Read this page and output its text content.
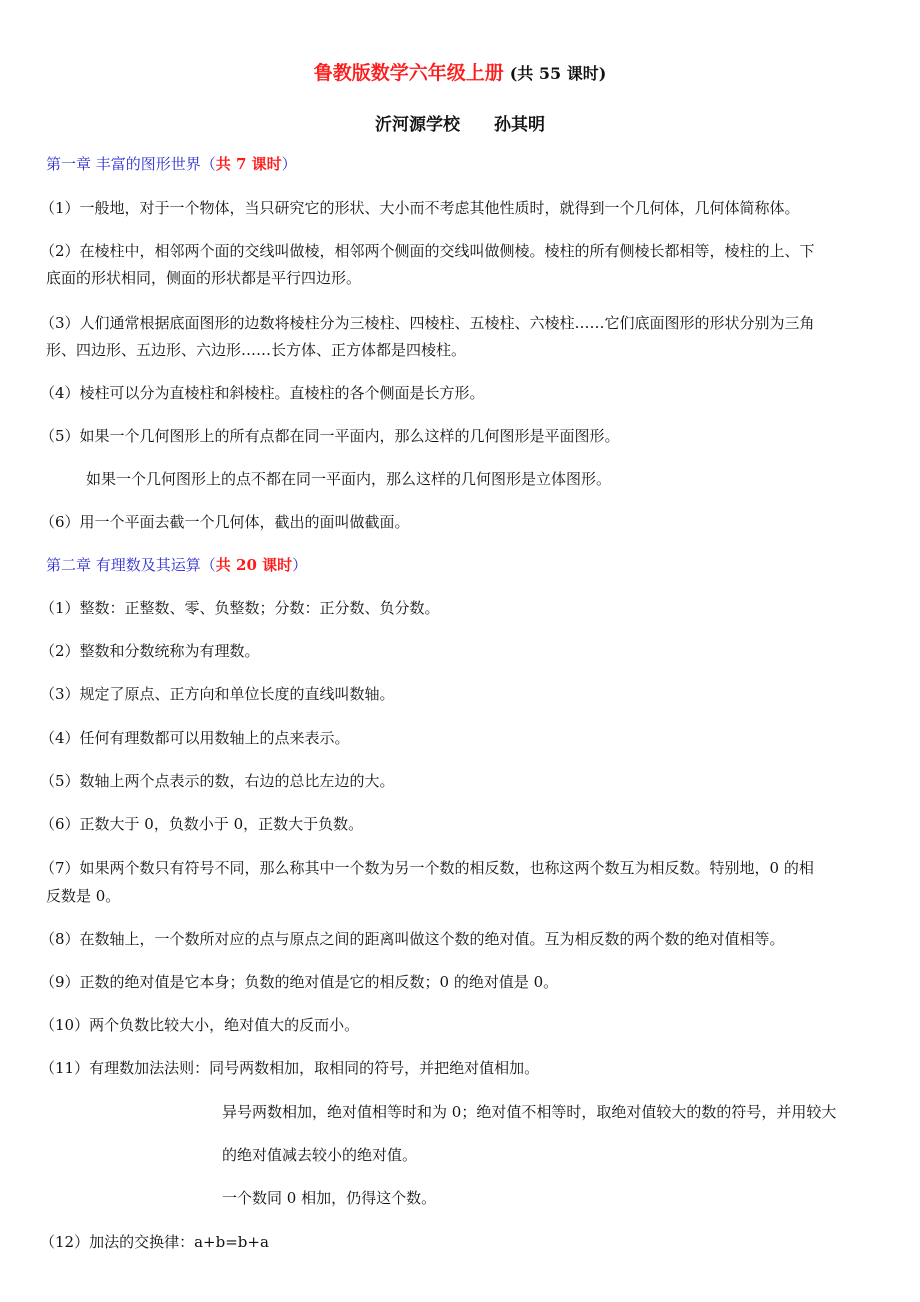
鲁教版数学六年级上册 (共 55 课时)
沂河源学校 孙其明
第一章 丰富的图形世界（共 7 课时）
（1）一般地，对于一个物体，当只研究它的形状、大小而不考虑其他性质时，就得到一个几何体，几何体简称体。
（2）在棱柱中，相邻两个面的交线叫做棱，相邻两个侧面的交线叫做侧棱。棱柱的所有侧棱长都相等，棱柱的上、下
底面的形状相同，侧面的形状都是平行四边形。
（3）人们通常根据底面图形的边数将棱柱分为三棱柱、四棱柱、五棱柱、六棱柱……它们底面图形的形状分别为三角
形、四边形、五边形、六边形……长方体、正方体都是四棱柱。
（4）棱柱可以分为直棱柱和斜棱柱。直棱柱的各个侧面是长方形。
（5）如果一个几何图形上的所有点都在同一平面内，那么这样的几何图形是平面图形。
如果一个几何图形上的点不都在同一平面内，那么这样的几何图形是立体图形。
（6）用一个平面去截一个几何体，截出的面叫做截面。
第二章 有理数及其运算（共 20 课时）
（1）整数：正整数、零、负整数；分数：正分数、负分数。
（2）整数和分数统称为有理数。
（3）规定了原点、正方向和单位长度的直线叫数轴。
（4）任何有理数都可以用数轴上的点来表示。
（5）数轴上两个点表示的数，右边的总比左边的大。
（6）正数大于 0，负数小于 0，正数大于负数。
（7）如果两个数只有符号不同，那么称其中一个数为另一个数的相反数，也称这两个数互为相反数。特别地，0 的相
反数是 0。
（8）在数轴上，一个数所对应的点与原点之间的距离叫做这个数的绝对值。互为相反数的两个数的绝对值相等。
（9）正数的绝对值是它本身；负数的绝对值是它的相反数；0 的绝对值是 0。
（10）两个负数比较大小，绝对值大的反而小。
（11）有理数加法法则：同号两数相加，取相同的符号，并把绝对值相加。
异号两数相加，绝对值相等时和为 0；绝对值不相等时，取绝对值较大的数的符号，并用较大
的绝对值减去较小的绝对值。
一个数同 0 相加，仍得这个数。
（12）加法的交换律：a+b=b+a
